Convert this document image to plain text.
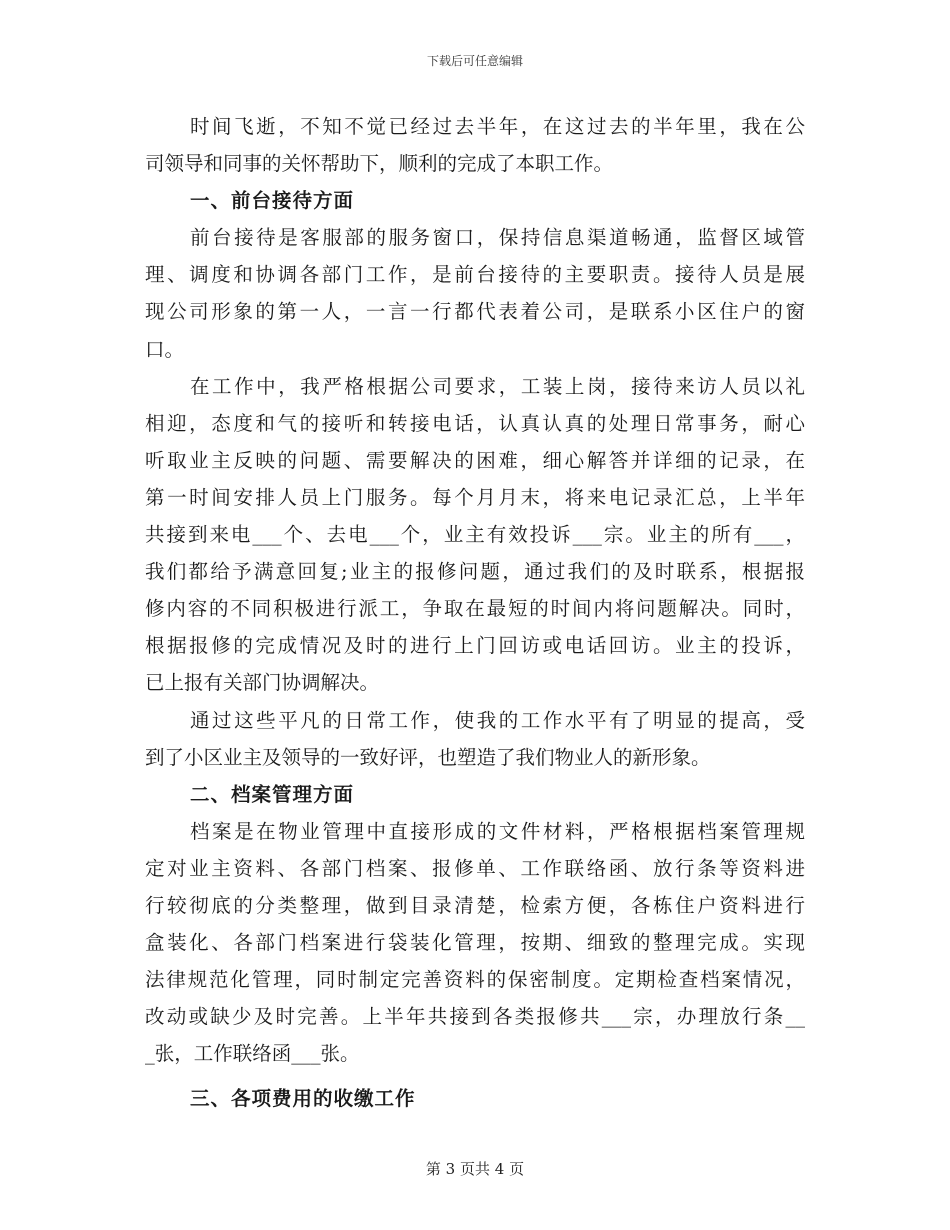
下载后可任意编辑
时间飞逝，不知不觉已经过去半年，在这过去的半年里，我在公
司领导和同事的关怀帮助下，顺利的完成了本职工作。
一、前台接待方面
前台接待是客服部的服务窗口，保持信息渠道畅通，监督区域管
理、调度和协调各部门工作，是前台接待的主要职责。接待人员是展
现公司形象的第一人，一言一行都代表着公司，是联系小区住户的窗
口。
在工作中，我严格根据公司要求，工装上岗，接待来访人员以礼
相迎，态度和气的接听和转接电话，认真认真的处理日常事务，耐心
听取业主反映的问题、需要解决的困难，细心解答并详细的记录，在
第一时间安排人员上门服务。每个月月末，将来电记录汇总，上半年
共接到来电___个、去电___个，业主有效投诉___宗。业主的所有___，
我们都给予满意回复;业主的报修问题，通过我们的及时联系，根据报
修内容的不同积极进行派工，争取在最短的时间内将问题解决。同时，
根据报修的完成情况及时的进行上门回访或电话回访。业主的投诉，
已上报有关部门协调解决。
通过这些平凡的日常工作，使我的工作水平有了明显的提高，受
到了小区业主及领导的一致好评，也塑造了我们物业人的新形象。
二、档案管理方面
档案是在物业管理中直接形成的文件材料，严格根据档案管理规
定对业主资料、各部门档案、报修单、工作联络函、放行条等资料进
行较彻底的分类整理，做到目录清楚，检索方便，各栋住户资料进行
盒装化、各部门档案进行袋装化管理，按期、细致的整理完成。实现
法律规范化管理，同时制定完善资料的保密制度。定期检查档案情况，
改动或缺少及时完善。上半年共接到各类报修共___宗，办理放行条__
_张，工作联络函___张。
三、各项费用的收缴工作
第 3 页共 4 页
